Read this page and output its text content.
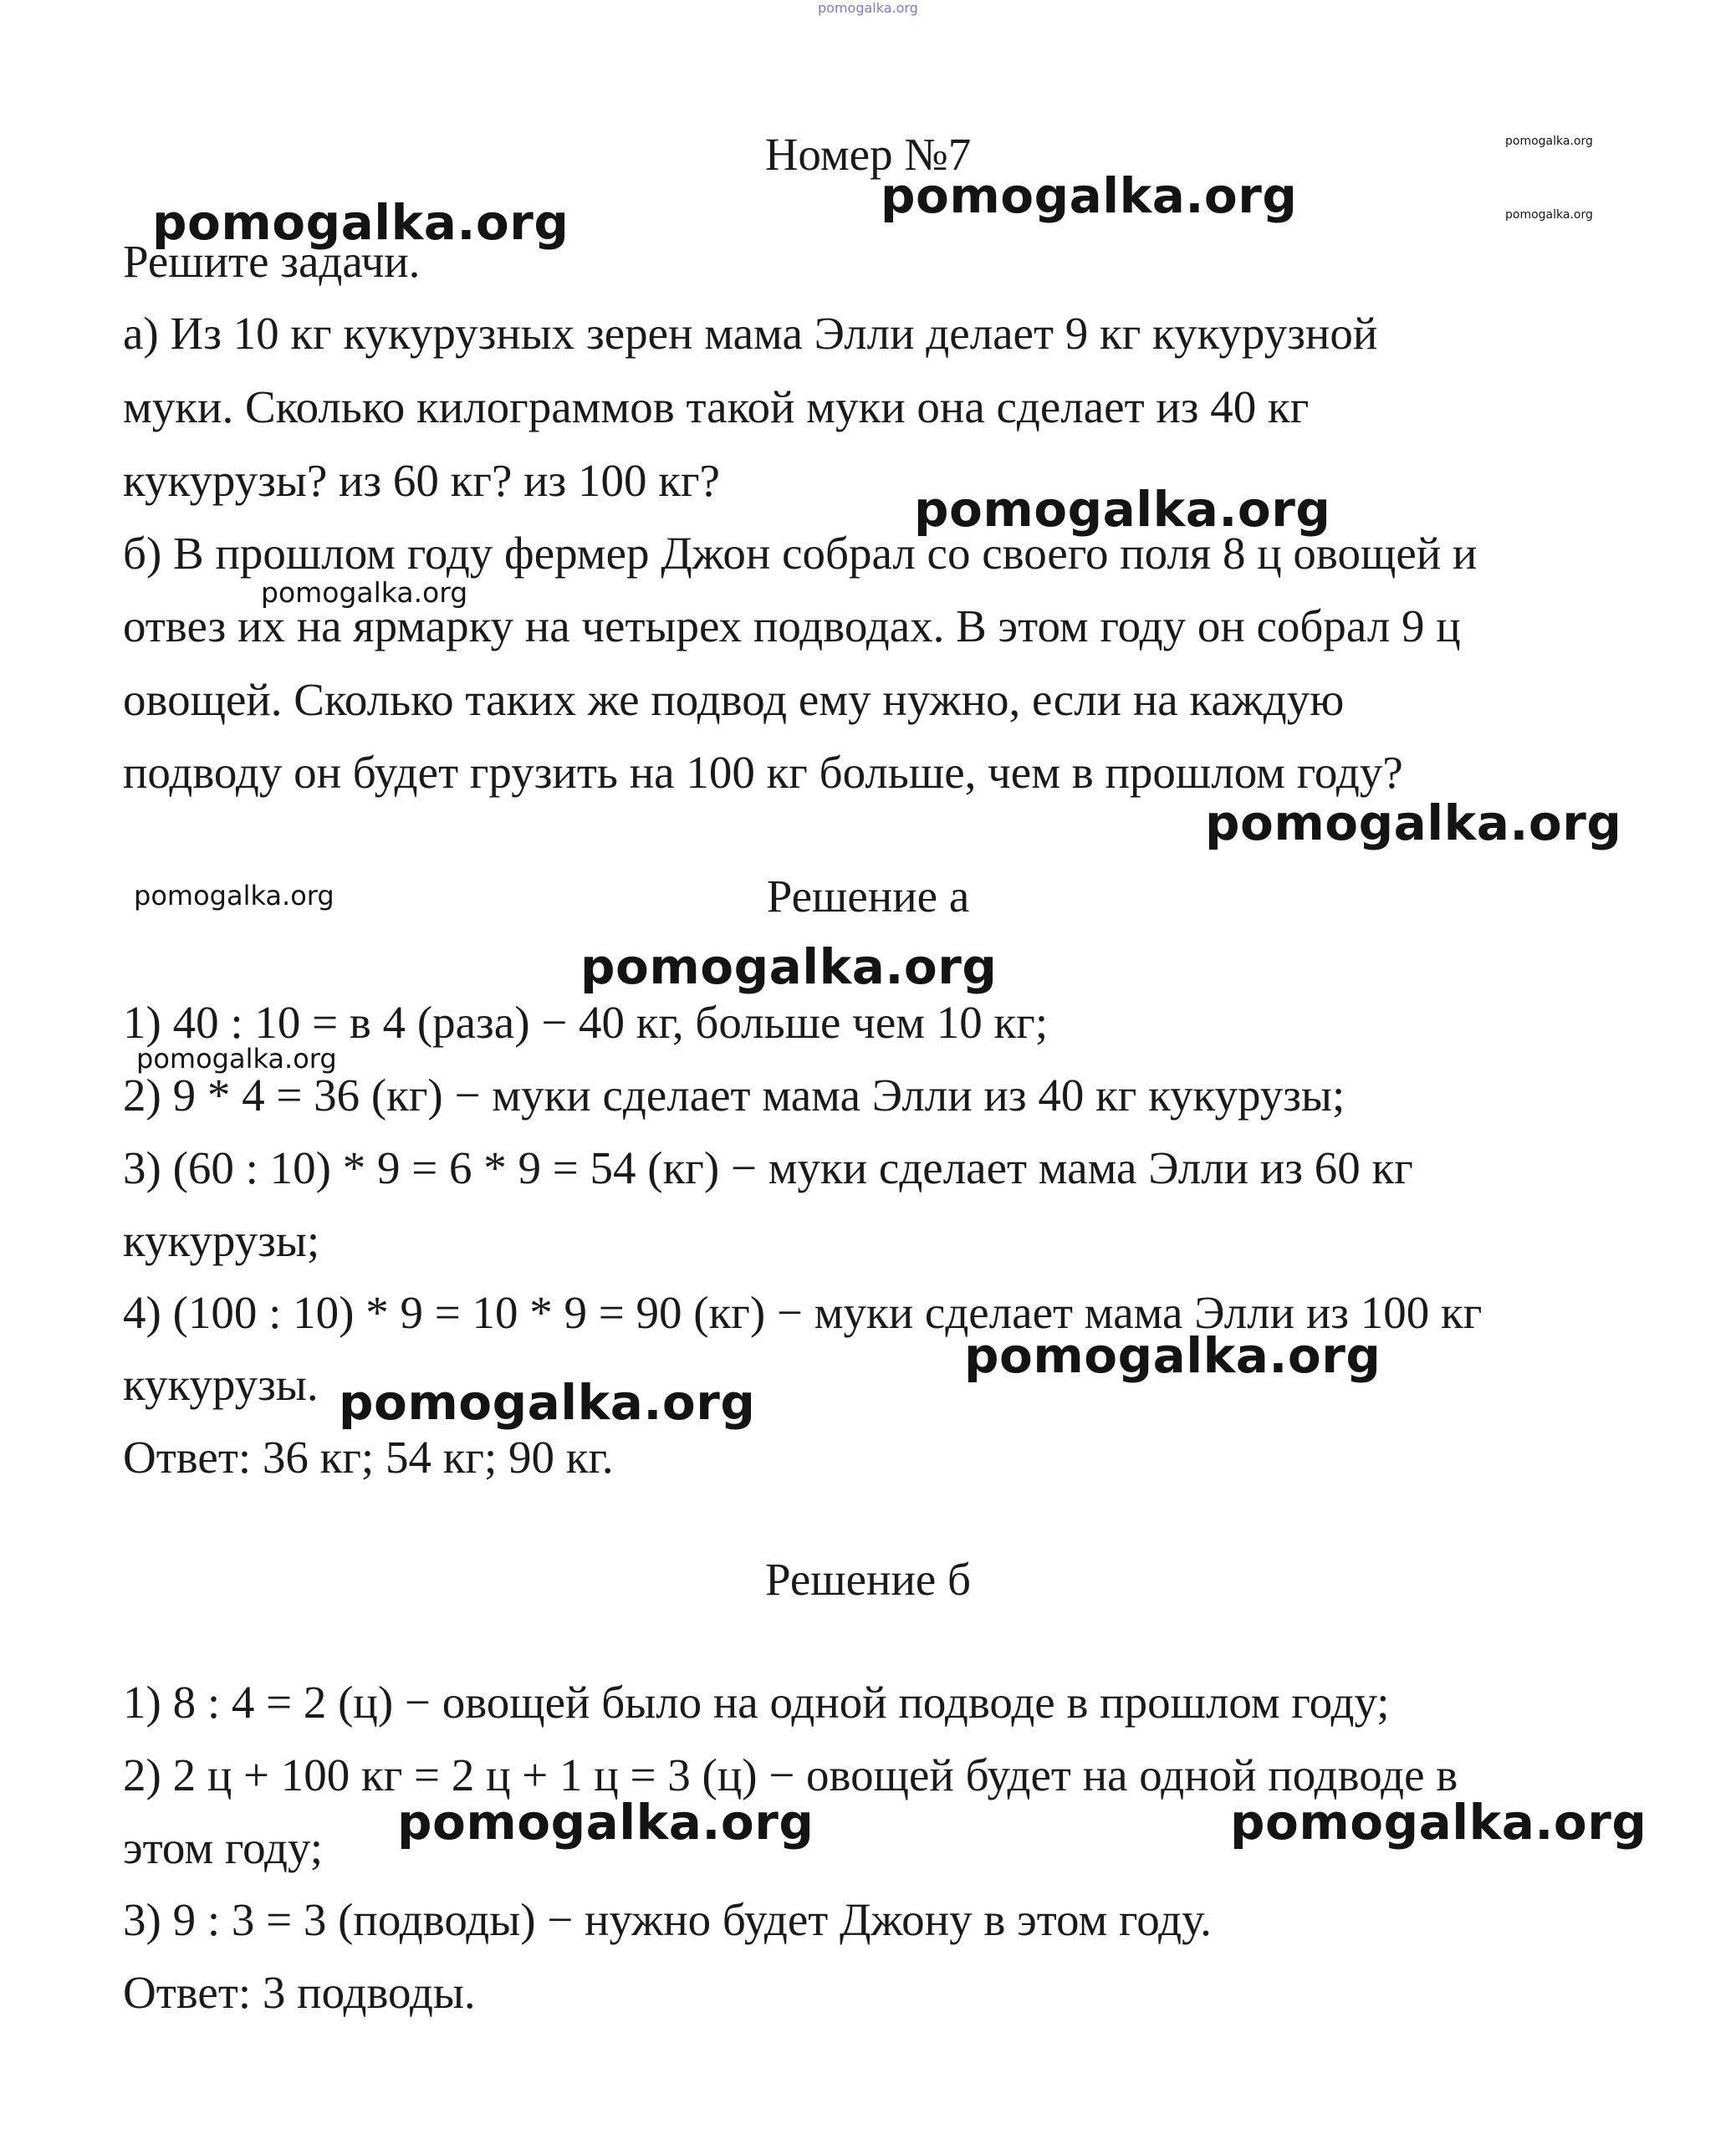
pomogalka.org
Номер №7	pomogalka.org
pomogalka.org
pomogalka.org
pomogalka.org
Решите задачи.
а) Из 10 кг кукурузных зерен мама Элли делает 9 кг кукурузной
муки. Сколько килограммов такой муки она сделает из 40 кг
кукурузы? из 60 кг? из 100 кг?
pomogalka.org
б) В прошлом году фермер Джон собрал со своего поля 8 ц овощей и
pomogalka.org
отвез их на ярмарку на четырех подводах. В этом году он собрал 9 ц
овощей. Сколько таких же подвод ему нужно, если на каждую
подводу он будет грузить на 100 кг больше, чем в прошлом году?
pomogalka.org
pomogalka.org	Решение а
pomogalka.org
1) 40 : 10 = в 4 (раза) − 40 кг, больше чем 10 кг;
pomogalka.org
2) 9 * 4 = 36 (кг) − муки сделает мама Элли из 40 кг кукурузы;
3) (60 : 10) * 9 = 6 * 9 = 54 (кг) − муки сделает мама Элли из 60 кг
кукурузы;
4) (100 : 10) * 9 = 10 * 9 = 90 (кг) − муки сделает мама Элли из 100 кг
pomogalka.org
кукурузы. pomogalka.org
Ответ: 36 кг; 54 кг; 90 кг.
Решение б
1) 8 : 4 = 2 (ц) − овощей было на одной подводе в прошлом году;
2) 2 ц + 100 кг = 2 ц + 1 ц = 3 (ц) − овощей будет на одной подводе в
pomogalka.org	pomogalka.org
этом году;
3) 9 : 3 = 3 (подводы) − нужно будет Джону в этом году.
Ответ: 3 подводы.
